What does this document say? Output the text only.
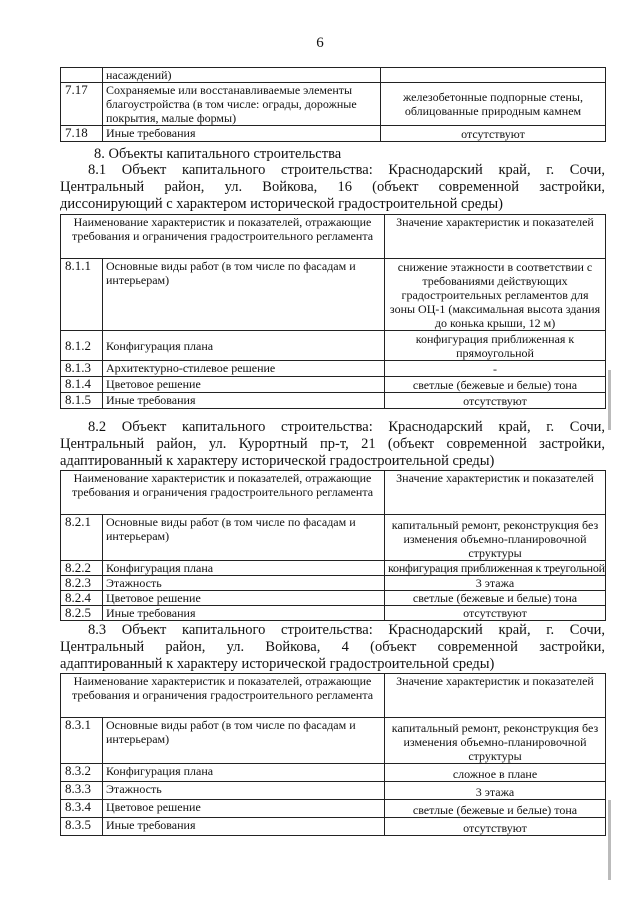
6
	насаждений)	
7.17	Сохраняемые или восстанавливаемые элементы благоустройства (в том числе: ограды, дорожные покрытия, малые формы)	железобетонные подпорные стены, облицованные природным камнем
7.18	Иные требования	отсутствуют
8. Объекты капитального строительства
8.1 Объект капитального строительства: Краснодарский край, г. Сочи,
Центральный район, ул. Войкова, 16 (объект современной застройки,
диссонирующий с характером исторической градостроительной среды)
Наименование характеристик и показателей, отражающие требования и ограничения градостроительного регламента		Значение характеристик и показателей
8.1.1	Основные виды работ (в том числе по фасадам и интерьерам)	снижение этажности в соответствии с требованиями действующих градостроительных регламентов для зоны ОЦ-1 (максимальная высота здания до конька крыши, 12 м)
8.1.2	Конфигурация плана	конфигурация приближенная к прямоугольной
8.1.3	Архитектурно-стилевое решение	-
8.1.4	Цветовое решение	светлые (бежевые и белые) тона
8.1.5	Иные требования	отсутствуют
8.2 Объект капитального строительства: Краснодарский край, г. Сочи,
Центральный район, ул. Курортный пр-т, 21 (объект современной застройки,
адаптированный к характеру исторической градостроительной среды)
Наименование характеристик и показателей, отражающие требования и ограничения градостроительного регламента		Значение характеристик и показателей
8.2.1	Основные виды работ (в том числе по фасадам и интерьерам)	капитальный ремонт, реконструкция без изменения объемно-планировочной структуры
8.2.2	Конфигурация плана	конфигурация приближенная к треугольной
8.2.3	Этажность	3 этажа
8.2.4	Цветовое решение	светлые (бежевые и белые) тона
8.2.5	Иные требования	отсутствуют
8.3 Объект капитального строительства: Краснодарский край, г. Сочи,
Центральный район, ул. Войкова, 4 (объект современной застройки,
адаптированный к характеру исторической градостроительной среды)
Наименование характеристик и показателей, отражающие требования и ограничения градостроительного регламента		Значение характеристик и показателей
8.3.1	Основные виды работ (в том числе по фасадам и интерьерам)	капитальный ремонт, реконструкция без изменения объемно-планировочной структуры
8.3.2	Конфигурация плана	сложное в плане
8.3.3	Этажность	3 этажа
8.3.4	Цветовое решение	светлые (бежевые и белые) тона
8.3.5	Иные требования	отсутствуют
